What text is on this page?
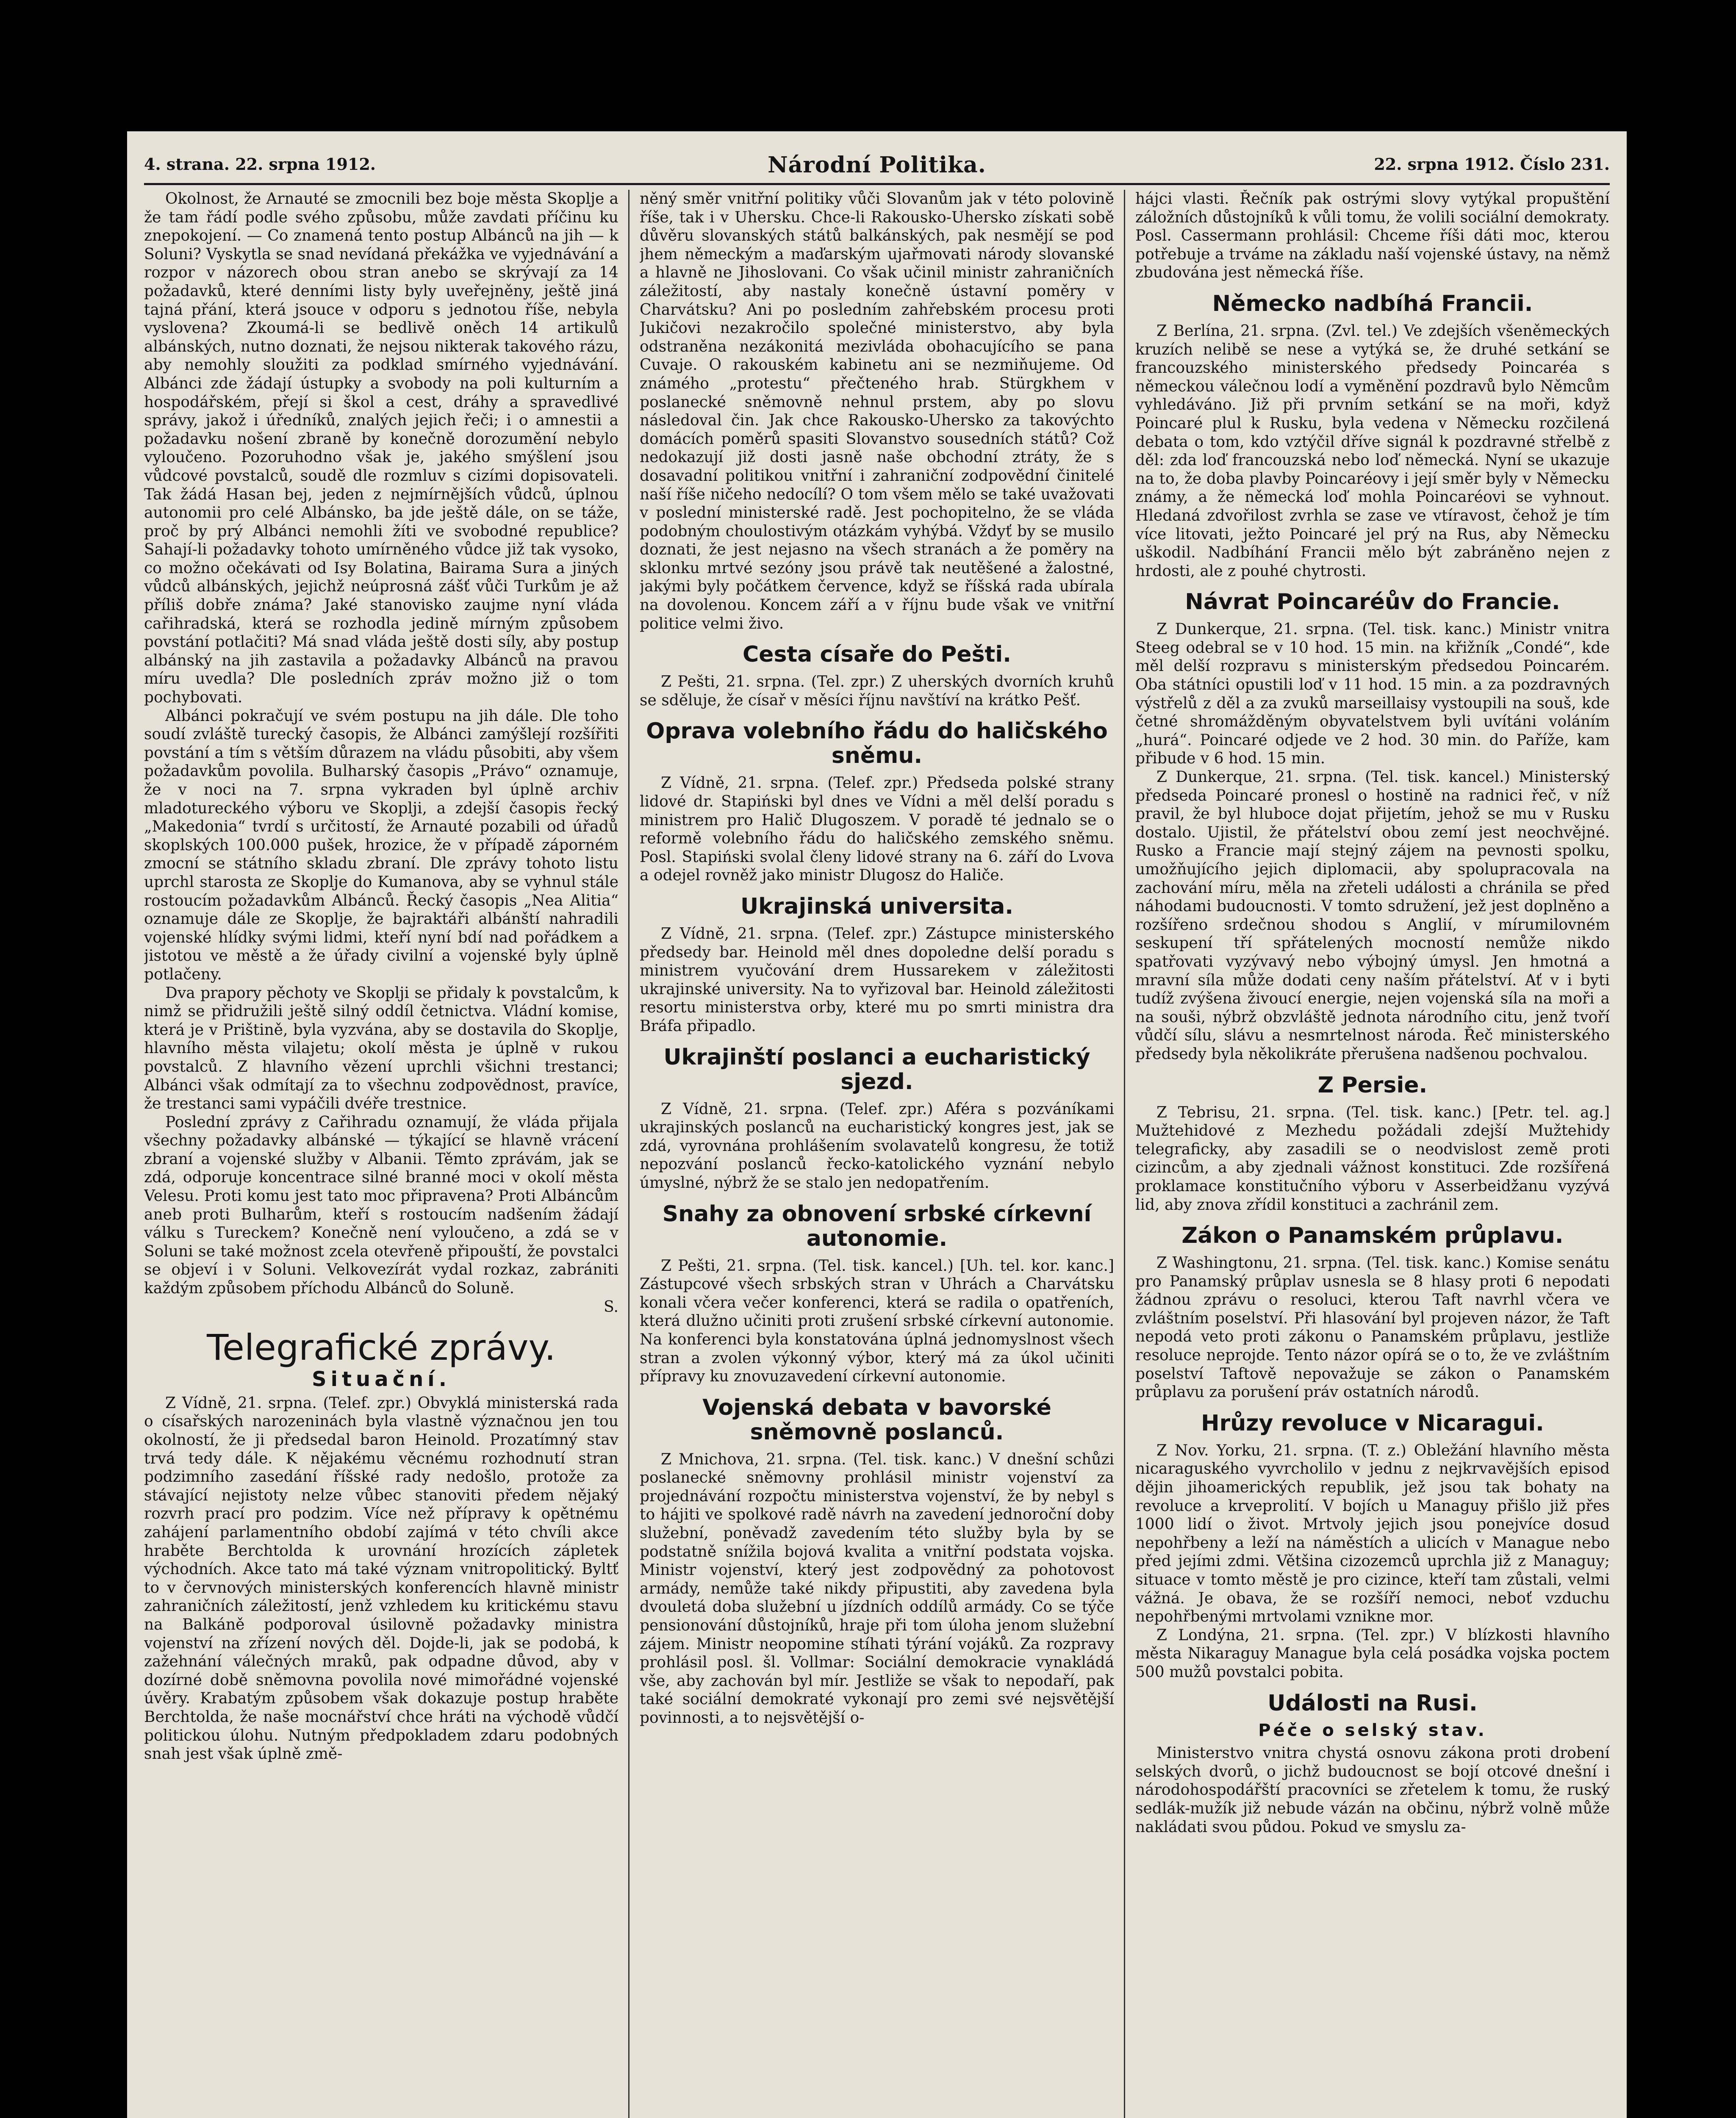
4. strana. 22. srpna 1912.	Národní Politika.	22. srpna 1912. Číslo 231.

Okolnost, že Arnauté se zmocnili bez boje města Skoplje a že tam řádí podle svého způsobu, může zavdati příčinu ku znepokojení. — Co znamená tento postup Albánců na jih — k Soluni? Vyskytla se snad nevídaná překážka ve vyjednávání a rozpor v názorech obou stran anebo se skrývají za 14 požadavků, které denními listy byly uveřejněny, ještě jiná tajná přání, která jsouce v odporu s jednotou říše, nebyla vyslovena? Zkoumá-li se bedlivě oněch 14 artikulů albánských, nutno doznati, že nejsou nikterak takového rázu, aby nemohly sloužiti za podklad smírného vyjednávání. Albánci zde žádají ústupky a svobody na poli kulturním a hospodářském, přejí si škol a cest, dráhy a spravedlivé správy, jakož i úředníků, znalých jejich řeči; i o amnestii a požadavku nošení zbraně by konečně dorozumění nebylo vyloučeno. Pozoruhodno však je, jakého smýšlení jsou vůdcové povstalců, soudě dle rozmluv s cizími dopisovateli. Tak žádá Hasan bej, jeden z nejmírnějších vůdců, úplnou autonomii pro celé Albánsko, ba jde ještě dále, on se táže, proč by prý Albánci nemohli žíti ve svobodné republice? Sahají-li požadavky tohoto umírněného vůdce již tak vysoko, co možno očekávati od Isy Bolatina, Bairama Sura a jiných vůdců albánských, jejichž neúprosná zášť vůči Turkům je až příliš dobře známa? Jaké stanovisko zaujme nyní vláda cařihradská, která se rozhodla jedině mírným způsobem povstání potlačiti? Má snad vláda ještě dosti síly, aby postup albánský na jih zastavila a požadavky Albánců na pravou míru uvedla? Dle posledních zpráv možno již o tom pochybovati.

Albánci pokračují ve svém postupu na jih dále. Dle toho soudí zvláště turecký časopis, že Albánci zamýšlejí rozšířiti povstání a tím s větším důrazem na vládu působiti, aby všem požadavkům povolila. Bulharský časopis „Právo“ oznamuje, že v noci na 7. srpna vykraden byl úplně archiv mladotureckého výboru ve Skoplji, a zdejší časopis řecký „Makedonia“ tvrdí s určitostí, že Arnauté pozabili od úřadů skoplských 100.000 pušek, hrozice, že v případě záporném zmocní se státního skladu zbraní. Dle zprávy tohoto listu uprchl starosta ze Skoplje do Kumanova, aby se vyhnul stále rostoucím požadavkům Albánců. Řecký časopis „Nea Alitia“ oznamuje dále ze Skoplje, že bajraktáři albánští nahradili vojenské hlídky svými lidmi, kteří nyní bdí nad pořádkem a jistotou ve městě a že úřady civilní a vojenské byly úplně potlačeny.

Dva prapory pěchoty ve Skoplji se přidaly k povstalcům, k nimž se přidružili ještě silný oddíl četnictva. Vládní komise, která je v Prištině, byla vyzvána, aby se dostavila do Skoplje, hlavního města vilajetu; okolí města je úplně v rukou povstalců. Z hlavního vězení uprchli všichni trestanci; Albánci však odmítají za to všechnu zodpovědnost, pravíce, že trestanci sami vypáčili dvéře trestnice.

Poslední zprávy z Cařihradu oznamují, že vláda přijala všechny požadavky albánské — týkající se hlavně vrácení zbraní a vojenské služby v Albanii. Těmto zprávám, jak se zdá, odporuje koncentrace silné branné moci v okolí města Velesu. Proti komu jest tato moc připravena? Proti Albáncům aneb proti Bulharům, kteří s rostoucím nadšením žádají válku s Tureckem? Konečně není vyloučeno, a zdá se v Soluni se také možnost zcela otevřeně připouští, že povstalci se objeví i v Soluni. Velkovezírát vydal rozkaz, zabrániti každým způsobem příchodu Albánců do Soluně.

S.

Telegrafické zprávy.
Situační.

Z Vídně, 21. srpna. (Telef. zpr.) Obvyklá ministerská rada o císařských narozeninách byla vlastně význačnou jen tou okolností, že ji předsedal baron Heinold. Prozatímný stav trvá tedy dále. K nějakému věcnému rozhodnutí stran podzimního zasedání říšské rady nedošlo, protože za stávající nejistoty nelze vůbec stanoviti předem nějaký rozvrh prací pro podzim. Více než přípravy k opětnému zahájení parlamentního období zajímá v této chvíli akce hraběte Berchtolda k urovnání hrozících zápletek východních. Akce tato má také význam vnitropolitický. Byltť to v červnových ministerských konferencích hlavně ministr zahraničních záležitostí, jenž vzhledem ku kritickému stavu na Balkáně podporoval úsilovně požadavky ministra vojenství na zřízení nových děl. Dojde-li, jak se podobá, k zažehnání válečných mraků, pak odpadne důvod, aby v dozírné době sněmovna povolila nové mimořádné vojenské úvěry. Krabatým způsobem však dokazuje postup hraběte Berchtolda, že naše mocnářství chce hráti na východě vůdčí politickou úlohu. Nutným předpokladem zdaru podobných snah jest však úplně změ-

něný směr vnitřní politiky vůči Slovanům jak v této polovině říše, tak i v Uhersku. Chce-li Rakousko-Uhersko získati sobě důvěru slovanských států balkánských, pak nesmějí se pod jhem německým a maďarským ujařmovati národy slovanské a hlavně ne Jihoslovani. Co však učinil ministr zahraničních záležitostí, aby nastaly konečně ústavní poměry v Charvátsku? Ani po posledním zahřebském procesu proti Jukičovi nezakročilo společné ministerstvo, aby byla odstraněna nezákonitá mezivláda obohacujícího se pana Cuvaje. O rakouském kabinetu ani se nezmiňujeme. Od známého „protestu“ přečteného hrab. Stürgkhem v poslanecké sněmovně nehnul prstem, aby po slovu následoval čin. Jak chce Rakousko-Uhersko za takovýchto domácích poměrů spasiti Slovanstvo sousedních států? Což nedokazují již dosti jasně naše obchodní ztráty, že s dosavadní politikou vnitřní i zahraniční zodpovědní činitelé naší říše ničeho nedocílí? O tom všem mělo se také uvažovati v poslední ministerské radě. Jest pochopitelno, že se vláda podobným choulostivým otázkám vyhýbá. Vždyť by se musilo doznati, že jest nejasno na všech stranách a že poměry na sklonku mrtvé sezóny jsou právě tak neutěšené a žalostné, jakými byly počátkem července, když se říšská rada ubírala na dovolenou. Koncem září a v říjnu bude však ve vnitřní politice velmi živo.

Cesta císaře do Pešti.

Z Pešti, 21. srpna. (Tel. zpr.) Z uherských dvorních kruhů se sděluje, že císař v měsíci říjnu navštíví na krátko Pešť.

Oprava volebního řádu do haličského sněmu.

Z Vídně, 21. srpna. (Telef. zpr.) Předseda polské strany lidové dr. Stapiński byl dnes ve Vídni a měl delší poradu s ministrem pro Halič Dlugoszem. V poradě té jednalo se o reformě volebního řádu do haličského zemského sněmu. Posl. Stapiński svolal členy lidové strany na 6. září do Lvova a odejel rovněž jako ministr Dlugosz do Haliče.

Ukrajinská universita.

Z Vídně, 21. srpna. (Telef. zpr.) Zástupce ministerského předsedy bar. Heinold měl dnes dopoledne delší poradu s ministrem vyučování drem Hussarekem v záležitosti ukrajinské university. Na to vyřizoval bar. Heinold záležitosti resortu ministerstva orby, které mu po smrti ministra dra Bráfa připadlo.

Ukrajinští poslanci a eucharistický sjezd.

Z Vídně, 21. srpna. (Telef. zpr.) Aféra s pozváníkami ukrajinských poslanců na eucharistický kongres jest, jak se zdá, vyrovnána prohlášením svolavatelů kongresu, že totiž nepozvání poslanců řecko-katolického vyznání nebylo úmyslné, nýbrž že se stalo jen nedopatřením.

Snahy za obnovení srbské církevní autonomie.

Z Pešti, 21. srpna. (Tel. tisk. kancel.) [Uh. tel. kor. kanc.] Zástupcové všech srbských stran v Uhrách a Charvátsku konali včera večer konferenci, která se radila o opatřeních, která dlužno učiniti proti zrušení srbské církevní autonomie. Na konferenci byla konstatována úplná jednomyslnost všech stran a zvolen výkonný výbor, který má za úkol učiniti přípravy ku znovuzavedení církevní autonomie.

Vojenská debata v bavorské sněmovně poslanců.

Z Mnichova, 21. srpna. (Tel. tisk. kanc.) V dnešní schůzi poslanecké sněmovny prohlásil ministr vojenství za projednávání rozpočtu ministerstva vojenství, že by nebyl s to hájiti ve spolkové radě návrh na zavedení jednoroční doby služební, poněvadž zavedením této služby byla by se podstatně snížila bojová kvalita a vnitřní podstata vojska. Ministr vojenství, který jest zodpovědný za pohotovost armády, nemůže také nikdy připustiti, aby zavedena byla dvouletá doba služební u jízdních oddílů armády. Co se týče pensionování důstojníků, hraje při tom úloha jenom služební zájem. Ministr neopomine stíhati týrání vojáků. Za rozpravy prohlásil posl. šl. Vollmar: Sociální demokracie vynakládá vše, aby zachován byl mír. Jestliže se však to nepodaří, pak také sociální demokraté vykonají pro zemi své nejsvětější povinnosti, a to nejsvětější o-

hájci vlasti. Řečník pak ostrými slovy vytýkal propuštění záložních důstojníků k vůli tomu, že volili sociální demokraty. Posl. Cassermann prohlásil: Chceme říši dáti moc, kterou potřebuje a trváme na základu naší vojenské ústavy, na němž zbudována jest německá říše.

Německo nadbíhá Francii.

Z Berlína, 21. srpna. (Zvl. tel.) Ve zdejších všeněmeckých kruzích nelibě se nese a vytýká se, že druhé setkání se francouzského ministerského předsedy Poincaréa s německou válečnou lodí a vyměnění pozdravů bylo Němcům vyhledáváno. Již při prvním setkání se na moři, když Poincaré plul k Rusku, byla vedena v Německu rozčilená debata o tom, kdo vztýčil dříve signál k pozdravné střelbě z děl: zda loď francouzská nebo loď německá. Nyní se ukazuje na to, že doba plavby Poincaréovy i její směr byly v Německu známy, a že německá loď mohla Poincaréovi se vyhnout. Hledaná zdvořilost zvrhla se zase ve vtíravost, čehož je tím více litovati, ježto Poincaré jel prý na Rus, aby Německu uškodil. Nadbíhání Francii mělo být zabráněno nejen z hrdosti, ale z pouhé chytrosti.

Návrat Poincaréův do Francie.

Z Dunkerque, 21. srpna. (Tel. tisk. kanc.) Ministr vnitra Steeg odebral se v 10 hod. 15 min. na křižník „Condé“, kde měl delší rozpravu s ministerským předsedou Poincarém. Oba státníci opustili loď v 11 hod. 15 min. a za pozdravných výstřelů z děl a za zvuků marseillaisy vystoupili na souš, kde četné shromážděným obyvatelstvem byli uvítáni voláním „hurá“. Poincaré odjede ve 2 hod. 30 min. do Paříže, kam přibude v 6 hod. 15 min.

Z Dunkerque, 21. srpna. (Tel. tisk. kancel.) Ministerský předseda Poincaré pronesl o hostině na radnici řeč, v níž pravil, že byl hluboce dojat přijetím, jehož se mu v Rusku dostalo. Ujistil, že přátelství obou zemí jest neochvějné. Rusko a Francie mají stejný zájem na pevnosti spolku, umožňujícího jejich diplomacii, aby spolupracovala na zachování míru, měla na zřeteli události a chránila se před náhodami budoucnosti. V tomto sdružení, jež jest doplněno a rozšířeno srdečnou shodou s Anglií, v mírumilovném seskupení tří spřátelených mocností nemůže nikdo spatřovati vyzývavý nebo výbojný úmysl. Jen hmotná a mravní síla může dodati ceny naším přátelství. Ať v i byti tudíž zvýšena živoucí energie, nejen vojenská síla na moři a na souši, nýbrž obzvláště jednota národního citu, jenž tvoří vůdčí sílu, slávu a nesmrtelnost národa. Řeč ministerského předsedy byla několikráte přerušena nadšenou pochvalou.

Z Persie.

Z Tebrisu, 21. srpna. (Tel. tisk. kanc.) [Petr. tel. ag.] Mužtehidové z Mezhedu požádali zdejší Mužtehidy telegraficky, aby zasadili se o neodvislost země proti cizincům, a aby zjednali vážnost konstituci. Zde rozšířená proklamace konstitučního výboru v Asserbeidžanu vyzývá lid, aby znova zřídil konstituci a zachránil zem.

Zákon o Panamském průplavu.

Z Washingtonu, 21. srpna. (Tel. tisk. kanc.) Komise senátu pro Panamský průplav usnesla se 8 hlasy proti 6 nepodati žádnou zprávu o resoluci, kterou Taft navrhl včera ve zvláštním poselství. Při hlasování byl projeven názor, že Taft nepodá veto proti zákonu o Panamském průplavu, jestliže resoluce neprojde. Tento názor opírá se o to, že ve zvláštním poselství Taftově nepovažuje se zákon o Panamském průplavu za porušení práv ostatních národů.

Hrůzy revoluce v Nicaragui.

Z Nov. Yorku, 21. srpna. (T. z.) Obležání hlavního města nicaraguského vyvrcholilo v jednu z nejkrvavějších episod dějin jihoamerických republik, jež jsou tak bohaty na revoluce a krveprolití. V bojích u Managuy přišlo již přes 1000 lidí o život. Mrtvoly jejich jsou ponejvíce dosud nepohřbeny a leží na náměstích a ulicích v Manague nebo před jejími zdmi. Většina cizozemců uprchla již z Managuy; situace v tomto městě je pro cizince, kteří tam zůstali, velmi vážná. Je obava, že se rozšíří nemoci, neboť vzduchu nepohřbenými mrtvolami vznikne mor.

Z Londýna, 21. srpna. (Tel. zpr.) V blízkosti hlavního města Nikaraguy Manague byla celá posádka vojska poctem 500 mužů povstalci pobita.

Události na Rusi.
Péče o selský stav.

Ministerstvo vnitra chystá osnovu zákona proti drobení selských dvorů, o jichž budoucnost se bojí otcové dnešní i národohospodářští pracovníci se zřetelem k tomu, že ruský sedlák-mužík již nebude vázán na občinu, nýbrž volně může nakládati svou půdou. Pokud ve smyslu za-
